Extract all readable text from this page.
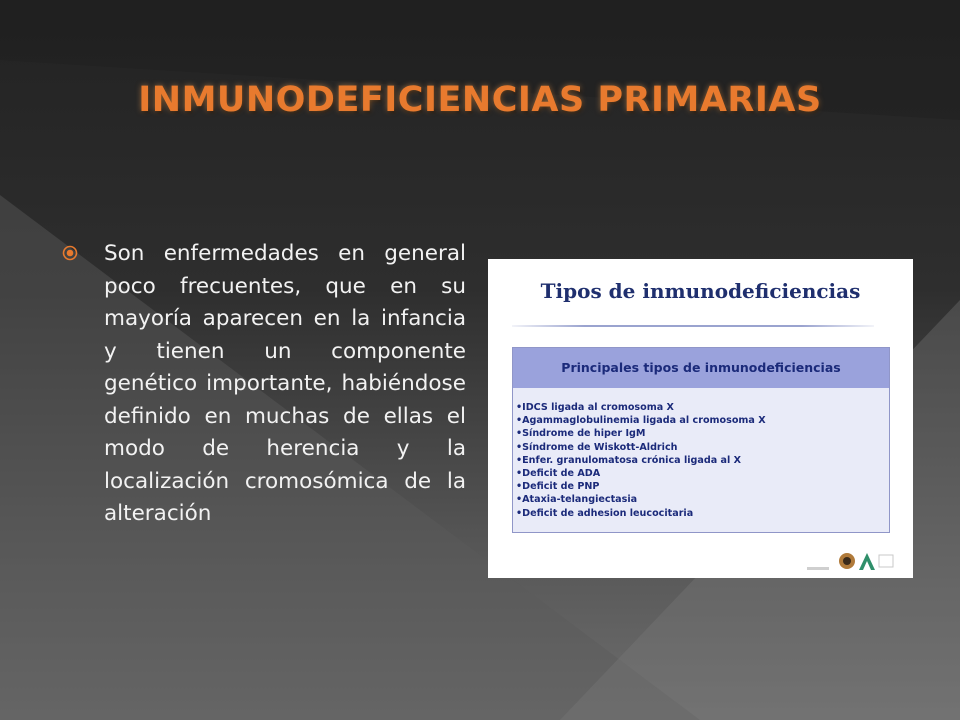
INMUNODEFICIENCIAS PRIMARIAS
Son enfermedades en general poco frecuentes, que en su mayoría aparecen en la infancia y tienen un componente genético importante, habiéndose definido en muchas de ellas el modo de herencia y la localización cromosómica de la alteración
Tipos de inmunodeficiencias
Principales tipos de inmunodeficiencias
•IDCS ligada al cromosoma X
•Agammaglobulinemia ligada al cromosoma X
•Síndrome de hiper IgM
•Síndrome de Wiskott-Aldrich
•Enfer. granulomatosa crónica ligada al X
•Deficit de ADA
•Deficit de PNP
•Ataxia-telangiectasia
•Deficit de adhesion leucocitaria
